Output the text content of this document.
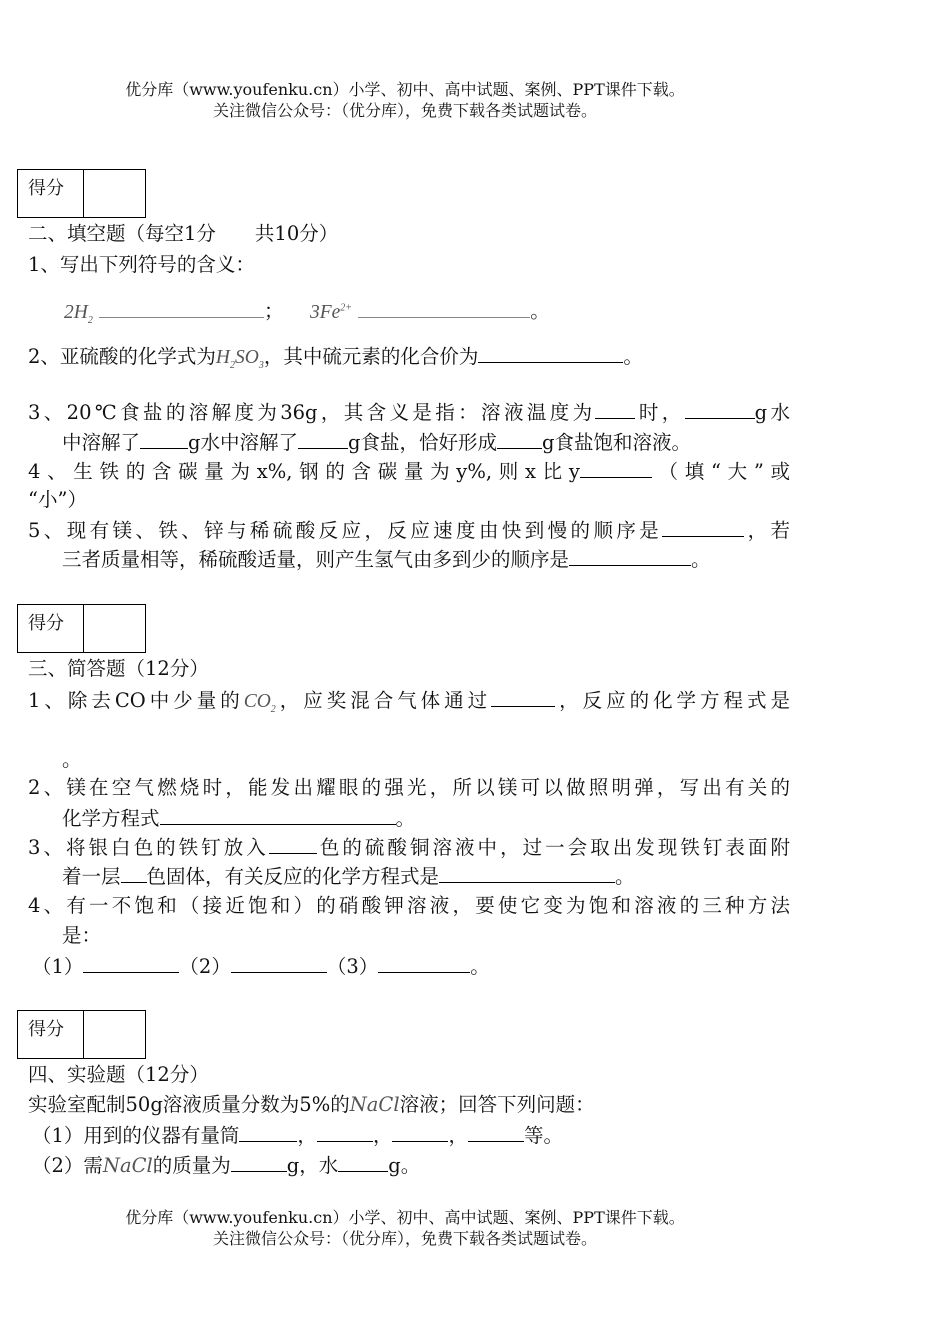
优分库（www.youfenku.cn）小学、初中、高中试题、案例、PPT课件下载。
关注微信公众号：（优分库），免费下载各类试题试卷。
得分
二、填空题（每空1分　　共10分）
1、写出下列符号的含义：
$2H_2$	； $3Fe^{2+}$	。
2、亚硫酸的化学式为$H_2SO_3$，其中硫元素的化合价为	。
3、20℃食盐的溶解度为36g，其含义是指：溶液温度为 时，	g水
中溶解了 g水中溶解了	g食盐，恰好形成 g食盐饱和溶液。
4、生铁的含碳量为x%,钢的含碳量为y%,则x比y	（填“大”或
“小”）
5、现有镁、铁、锌与稀硫酸反应，反应速度由快到慢的顺序是	，若
三者质量相等，稀硫酸适量，则产生氢气由多到少的顺序是	。
得分
三、简答题（12分）
1、除去CO中少量的$CO_2$，应奖混合气体通过	，反应的化学方程式是
。
2、镁在空气燃烧时，能发出耀眼的强光，所以镁可以做照明弹，写出有关的
化学方程式	。
3、将银白色的铁钉放入 色的硫酸铜溶液中，过一会取出发现铁钉表面附
着一层 色固体，有关反应的化学方程式是	。
4、有一不饱和（接近饱和）的硝酸钾溶液，要使它变为饱和溶液的三种方法
是：
（1）	（2）	（3）	。
得分
四、实验题（12分）
实验室配制50g溶液质量分数为5%的NaCl溶液；回答下列问题：
（1）用到的仪器有量筒	，	，	，	等。
（2）需NaCl的质量为	g，水	g。
优分库（www.youfenku.cn）小学、初中、高中试题、案例、PPT课件下载。
关注微信公众号：（优分库），免费下载各类试题试卷。
